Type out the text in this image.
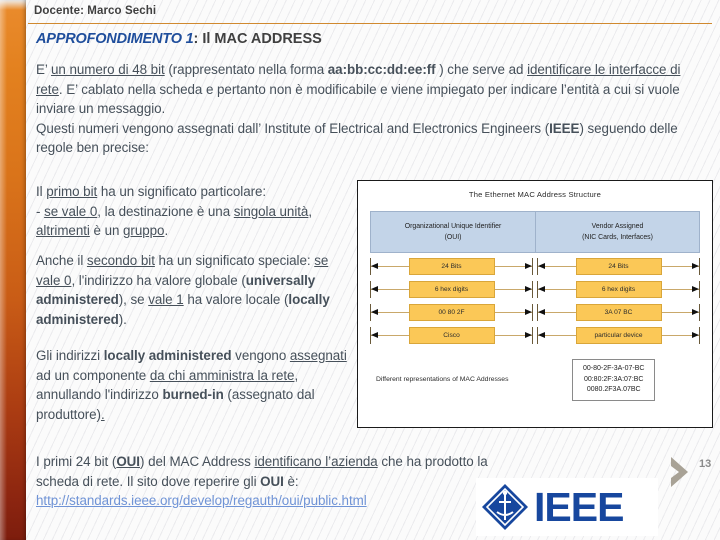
Docente: Marco Sechi
APPROFONDIMENTO 1: Il MAC ADDRESS
E’ un numero di 48 bit (rappresentato nella forma aa:bb:cc:dd:ee:ff ) che serve ad identificare le interfacce di rete. E’ cablato nella scheda e pertanto non è modificabile e viene impiegato per indicare l’entità a cui si vuole inviare un messaggio.
Questi numeri vengono assegnati dall’ Institute of Electrical and Electronics Engineers (IEEE) seguendo delle regole ben precise:
Il primo bit ha un significato particolare:
- se vale 0, la destinazione è una singola unità, altrimenti è un gruppo.
Anche il secondo bit ha un significato speciale: se vale 0, l'indirizzo ha valore globale (universally administered), se vale 1 ha valore locale (locally administered).
Gli indirizzi locally administered vengono assegnati ad un componente da chi amministra la rete, annullando l'indirizzo burned-in (assegnato dal produttore).
I primi 24 bit (OUI) del MAC Address identificano l’azienda che ha prodotto la scheda di rete. Il sito dove reperire gli OUI è:
http://standards.ieee.org/develop/regauth/oui/public.html
The Ethernet MAC Address Structure
Organizational Unique Identifier
(OUI)
Vendor Assigned
(NIC Cards, Interfaces)
24 Bits	24 Bits
6 hex digits	6 hex digits
00 80 2F	3A 07 BC
Cisco	particular device
Different representations of MAC Addresses
00-80-2F-3A-07-BC
00:80:2F:3A:07:BC
0080.2F3A.07BC
IEEE
13
